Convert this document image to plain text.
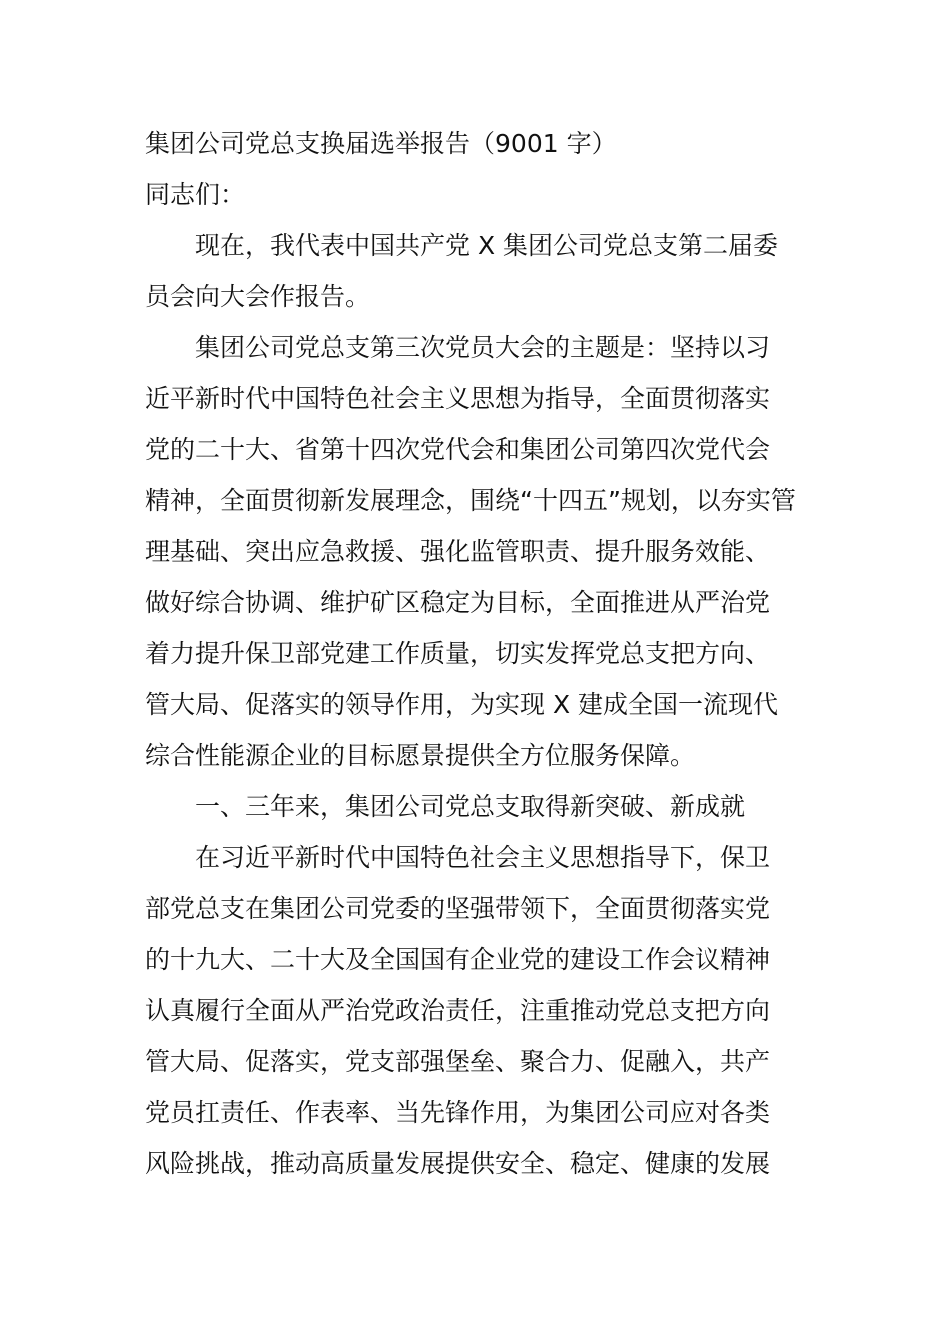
集团公司党总支换届选举报告（9001 字）
同志们：
现在，我代表中国共产党 X 集团公司党总支第二届委
员会向大会作报告。
集团公司党总支第三次党员大会的主题是：坚持以习
近平新时代中国特色社会主义思想为指导，全面贯彻落实
党的二十大、省第十四次党代会和集团公司第四次党代会
精神，全面贯彻新发展理念，围绕“十四五”规划，以夯实管
理基础、突出应急救援、强化监管职责、提升服务效能、
做好综合协调、维护矿区稳定为目标，全面推进从严治党
着力提升保卫部党建工作质量，切实发挥党总支把方向、
管大局、促落实的领导作用，为实现 X 建成全国一流现代
综合性能源企业的目标愿景提供全方位服务保障。
一、三年来，集团公司党总支取得新突破、新成就
在习近平新时代中国特色社会主义思想指导下，保卫
部党总支在集团公司党委的坚强带领下，全面贯彻落实党
的十九大、二十大及全国国有企业党的建设工作会议精神
认真履行全面从严治党政治责任，注重推动党总支把方向
管大局、促落实，党支部强堡垒、聚合力、促融入，共产
党员扛责任、作表率、当先锋作用，为集团公司应对各类
风险挑战，推动高质量发展提供安全、稳定、健康的发展
